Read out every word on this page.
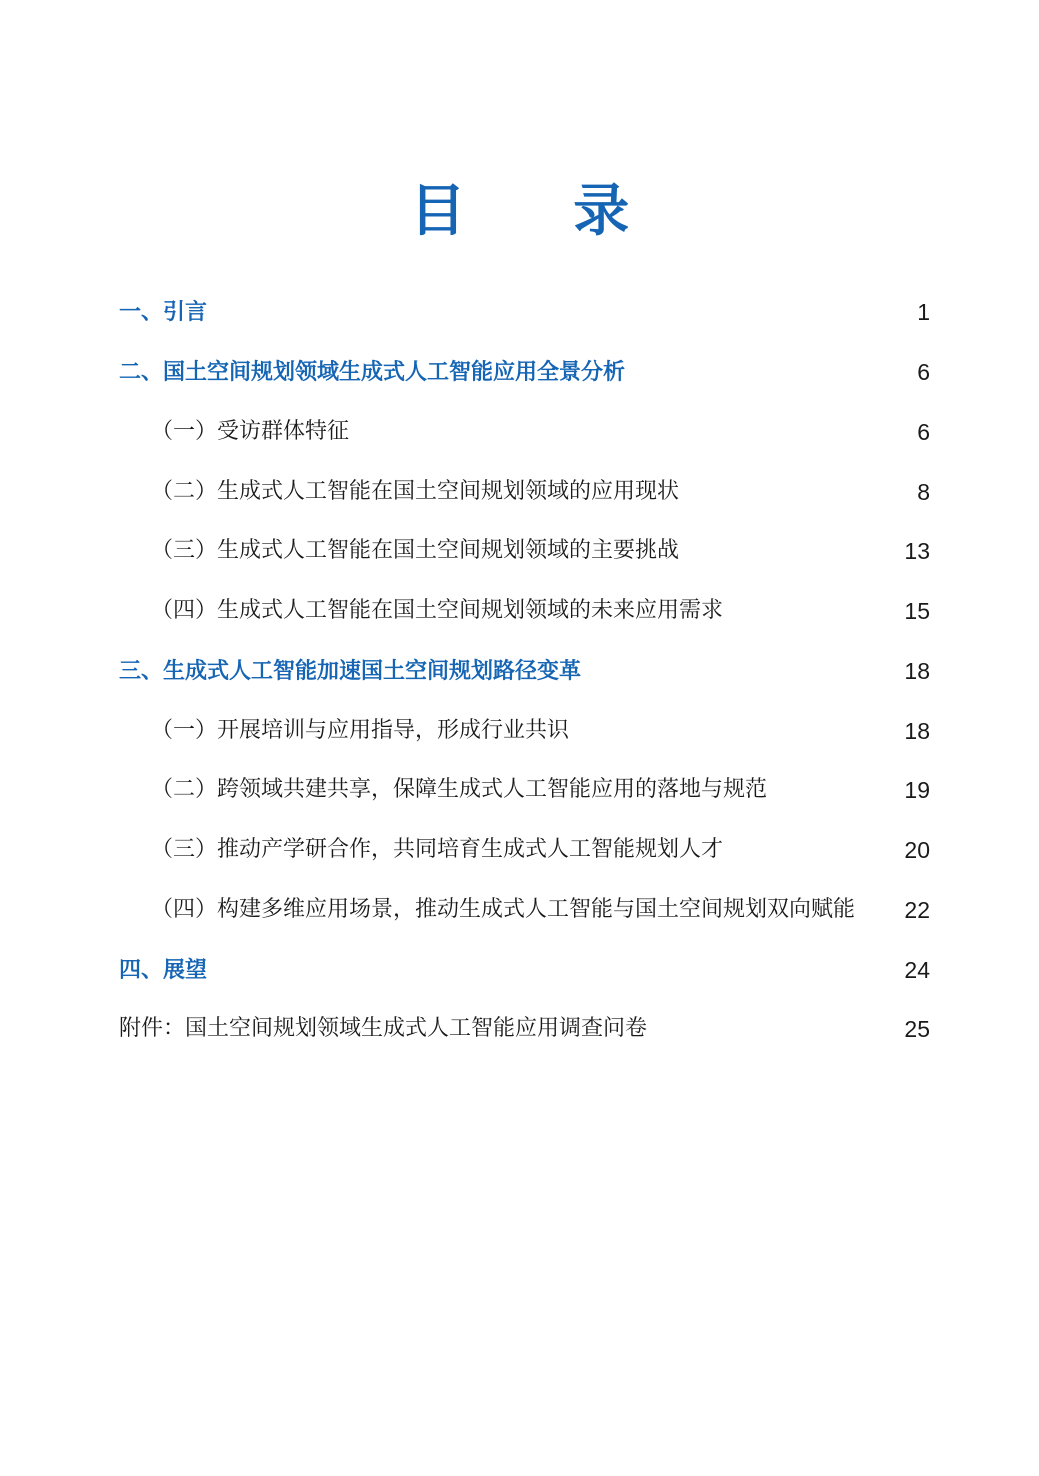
目 录
一、引言	1
二、国土空间规划领域生成式人工智能应用全景分析	6
（一）受访群体特征	6
（二）生成式人工智能在国土空间规划领域的应用现状	8
（三）生成式人工智能在国土空间规划领域的主要挑战	13
（四）生成式人工智能在国土空间规划领域的未来应用需求	15
三、生成式人工智能加速国土空间规划路径变革	18
（一）开展培训与应用指导，形成行业共识	18
（二）跨领域共建共享，保障生成式人工智能应用的落地与规范	19
（三）推动产学研合作，共同培育生成式人工智能规划人才	20
（四）构建多维应用场景，推动生成式人工智能与国土空间规划双向赋能 22
四、展望	24
附件：国土空间规划领域生成式人工智能应用调查问卷	25
